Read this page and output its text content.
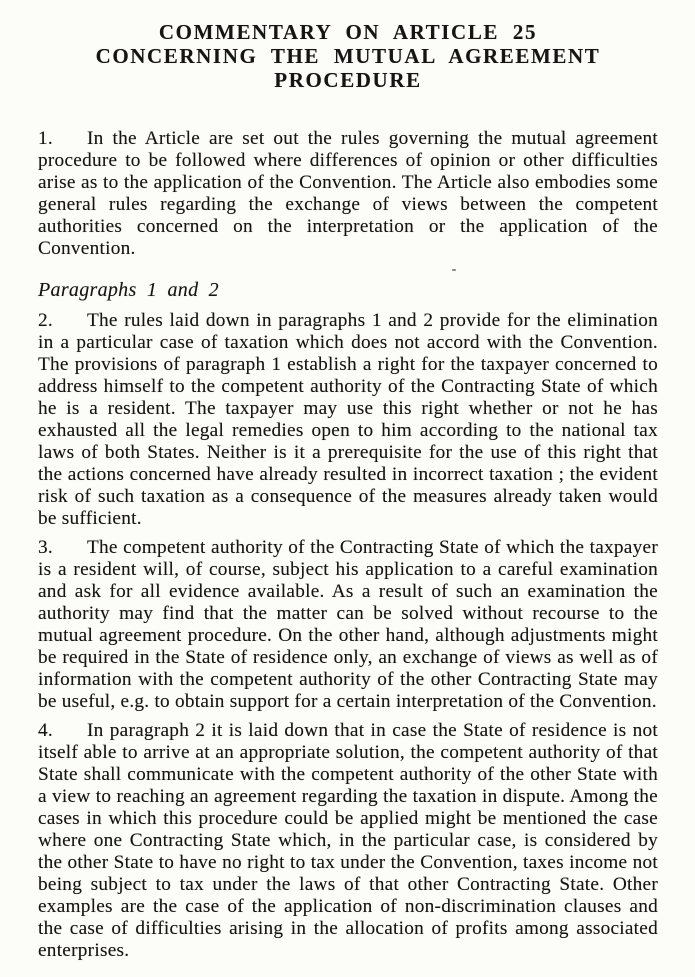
COMMENTARY ON ARTICLE 25
CONCERNING THE MUTUAL AGREEMENT PROCEDURE

1. In the Article are set out the rules governing the mutual agreement procedure to be followed where differences of opinion or other difficulties arise as to the application of the Convention. The Article also embodies some general rules regarding the exchange of views between the competent authorities concerned on the interpretation or the application of the Convention.

Paragraphs 1 and 2

2. The rules laid down in paragraphs 1 and 2 provide for the elimination in a particular case of taxation which does not accord with the Convention. The provisions of paragraph 1 establish a right for the taxpayer concerned to address himself to the competent authority of the Contracting State of which he is a resident. The taxpayer may use this right whether or not he has exhausted all the legal remedies open to him according to the national tax laws of both States. Neither is it a prerequisite for the use of this right that the actions concerned have already resulted in incorrect taxation ; the evident risk of such taxation as a consequence of the measures already taken would be sufficient.

3. The competent authority of the Contracting State of which the taxpayer is a resident will, of course, subject his application to a careful examination and ask for all evidence available. As a result of such an examination the authority may find that the matter can be solved without recourse to the mutual agreement procedure. On the other hand, although adjustments might be required in the State of residence only, an exchange of views as well as of information with the competent authority of the other Contracting State may be useful, e.g. to obtain support for a certain interpretation of the Convention.

4. In paragraph 2 it is laid down that in case the State of residence is not itself able to arrive at an appropriate solution, the competent authority of that State shall communicate with the competent authority of the other State with a view to reaching an agreement regarding the taxation in dispute. Among the cases in which this procedure could be applied might be mentioned the case where one Contracting State which, in the particular case, is considered by the other State to have no right to tax under the Convention, taxes income not being subject to tax under the laws of that other Contracting State. Other examples are the case of the application of non-discrimination clauses and the case of difficulties arising in the allocation of profits among associated enterprises.
